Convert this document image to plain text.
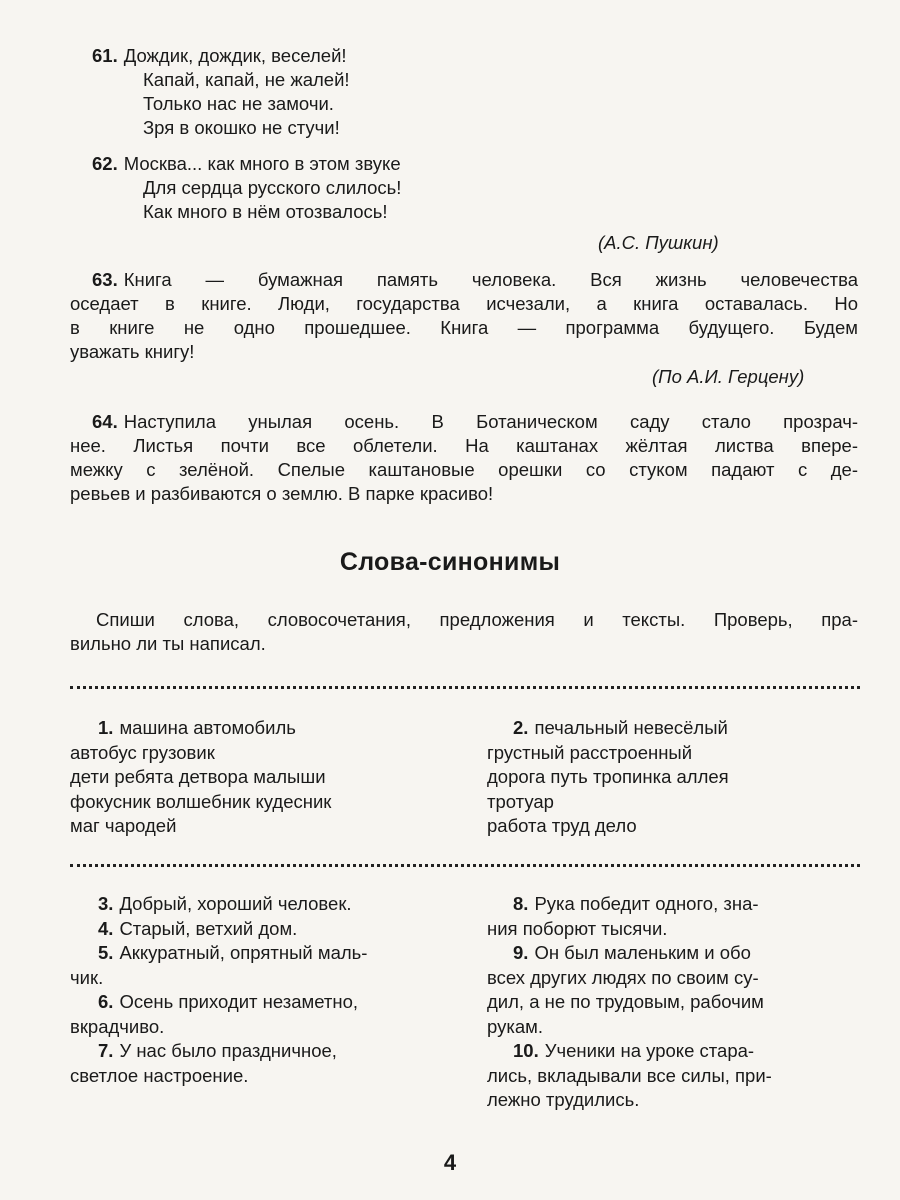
61. Дождик, дождик, веселей!
Капай, капай, не жалей!
Только нас не замочи.
Зря в окошко не стучи!
62. Москва... как много в этом звуке
Для сердца русского слилось!
Как много в нём отозвалось!
(А.С. Пушкин)
63. Книга — бумажная память человека. Вся жизнь человечества
оседает в книге. Люди, государства исчезали, а книга оставалась. Но
в книге не одно прошедшее. Книга — программа будущего. Будем
уважать книгу!
(По А.И. Герцену)
64. Наступила унылая осень. В Ботаническом саду стало прозрач-
нее. Листья почти все облетели. На каштанах жёлтая листва впере-
межку с зелёной. Спелые каштановые орешки со стуком падают с де-
ревьев и разбиваются о землю. В парке красиво!
Слова-синонимы
Спиши слова, словосочетания, предложения и тексты. Проверь, пра-
вильно ли ты написал.
1. машина автомобиль
автобус грузовик
дети ребята детвора малыши
фокусник волшебник кудесник
маг чародей
2. печальный невесёлый
грустный расстроенный
дорога путь тропинка аллея
тротуар
работа труд дело
3. Добрый, хороший человек.
4. Старый, ветхий дом.
5. Аккуратный, опрятный маль-
чик.
6. Осень приходит незаметно,
вкрадчиво.
7. У нас было праздничное,
светлое настроение.
8. Рука победит одного, зна-
ния поборют тысячи.
9. Он был маленьким и обо
всех других людях по своим су-
дил, а не по трудовым, рабочим
рукам.
10. Ученики на уроке стара-
лись, вкладывали все силы, при-
лежно трудились.
4
